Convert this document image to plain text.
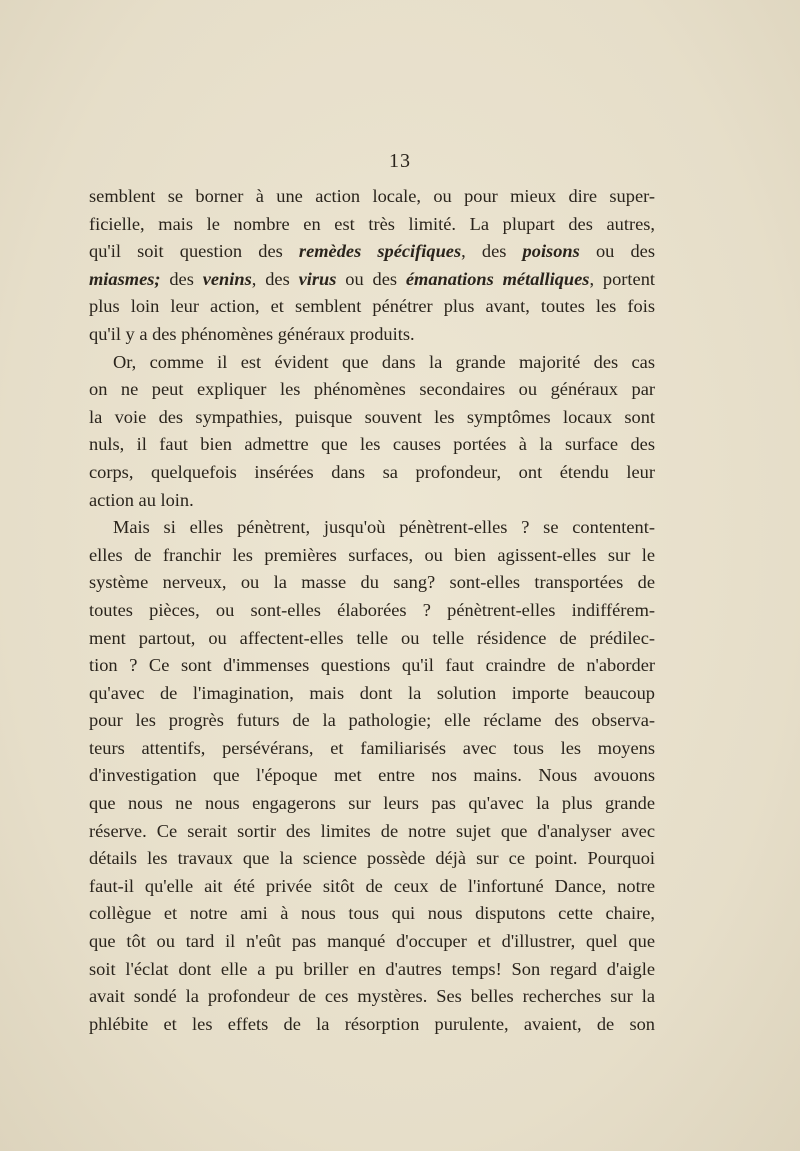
13
semblent se borner à une action locale, ou pour mieux dire super-
ficielle, mais le nombre en est très limité. La plupart des autres,
qu'il soit question des remèdes spécifiques, des poisons ou des
miasmes; des venins, des virus ou des émanations métalliques, portent
plus loin leur action, et semblent pénétrer plus avant, toutes les fois
qu'il y a des phénomènes généraux produits.
Or, comme il est évident que dans la grande majorité des cas
on ne peut expliquer les phénomènes secondaires ou généraux par
la voie des sympathies, puisque souvent les symptômes locaux sont
nuls, il faut bien admettre que les causes portées à la surface des
corps, quelquefois insérées dans sa profondeur, ont étendu leur
action au loin.
Mais si elles pénètrent, jusqu'où pénètrent-elles ? se contentent-
elles de franchir les premières surfaces, ou bien agissent-elles sur le
système nerveux, ou la masse du sang? sont-elles transportées de
toutes pièces, ou sont-elles élaborées ? pénètrent-elles indifférem-
ment partout, ou affectent-elles telle ou telle résidence de prédilec-
tion ? Ce sont d'immenses questions qu'il faut craindre de n'aborder
qu'avec de l'imagination, mais dont la solution importe beaucoup
pour les progrès futurs de la pathologie; elle réclame des observa-
teurs attentifs, persévérans, et familiarisés avec tous les moyens
d'investigation que l'époque met entre nos mains. Nous avouons
que nous ne nous engagerons sur leurs pas qu'avec la plus grande
réserve. Ce serait sortir des limites de notre sujet que d'analyser avec
détails les travaux que la science possède déjà sur ce point. Pourquoi
faut-il qu'elle ait été privée sitôt de ceux de l'infortuné Dance, notre
collègue et notre ami à nous tous qui nous disputons cette chaire,
que tôt ou tard il n'eût pas manqué d'occuper et d'illustrer, quel que
soit l'éclat dont elle a pu briller en d'autres temps! Son regard d'aigle
avait sondé la profondeur de ces mystères. Ses belles recherches sur la
phlébite et les effets de la résorption purulente, avaient, de son
